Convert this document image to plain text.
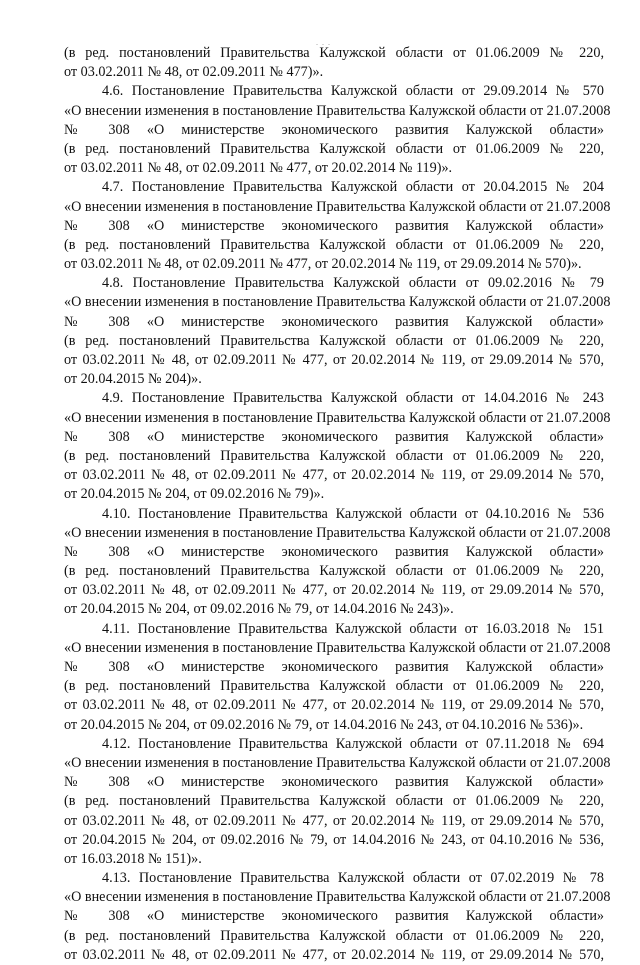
. . .
(в ред. постановлений Правительства Калужской области от 01.06.2009 № 220,
от 03.02.2011 № 48, от 02.09.2011 № 477)».
4.6. Постановление Правительства Калужской области от 29.09.2014 № 570
«О внесении изменения в постановление Правительства Калужской области от 21.07.2008
№ 308 «О министерстве экономического развития Калужской области»
(в ред. постановлений Правительства Калужской области от 01.06.2009 № 220,
от 03.02.2011 № 48, от 02.09.2011 № 477, от 20.02.2014 № 119)».
4.7. Постановление Правительства Калужской области от 20.04.2015 № 204
«О внесении изменения в постановление Правительства Калужской области от 21.07.2008
№ 308 «О министерстве экономического развития Калужской области»
(в ред. постановлений Правительства Калужской области от 01.06.2009 № 220,
от 03.02.2011 № 48, от 02.09.2011 № 477, от 20.02.2014 № 119, от 29.09.2014 № 570)».
4.8. Постановление Правительства Калужской области от 09.02.2016 № 79
«О внесении изменения в постановление Правительства Калужской области от 21.07.2008
№ 308 «О министерстве экономического развития Калужской области»
(в ред. постановлений Правительства Калужской области от 01.06.2009 № 220,
от 03.02.2011 № 48, от 02.09.2011 № 477, от 20.02.2014 № 119, от 29.09.2014 № 570,
от 20.04.2015 № 204)».
4.9. Постановление Правительства Калужской области от 14.04.2016 № 243
«О внесении изменения в постановление Правительства Калужской области от 21.07.2008
№ 308 «О министерстве экономического развития Калужской области»
(в ред. постановлений Правительства Калужской области от 01.06.2009 № 220,
от 03.02.2011 № 48, от 02.09.2011 № 477, от 20.02.2014 № 119, от 29.09.2014 № 570,
от 20.04.2015 № 204, от 09.02.2016 № 79)».
4.10. Постановление Правительства Калужской области от 04.10.2016 № 536
«О внесении изменения в постановление Правительства Калужской области от 21.07.2008
№ 308 «О министерстве экономического развития Калужской области»
(в ред. постановлений Правительства Калужской области от 01.06.2009 № 220,
от 03.02.2011 № 48, от 02.09.2011 № 477, от 20.02.2014 № 119, от 29.09.2014 № 570,
от 20.04.2015 № 204, от 09.02.2016 № 79, от 14.04.2016 № 243)».
4.11. Постановление Правительства Калужской области от 16.03.2018 № 151
«О внесении изменения в постановление Правительства Калужской области от 21.07.2008
№ 308 «О министерстве экономического развития Калужской области»
(в ред. постановлений Правительства Калужской области от 01.06.2009 № 220,
от 03.02.2011 № 48, от 02.09.2011 № 477, от 20.02.2014 № 119, от 29.09.2014 № 570,
от 20.04.2015 № 204, от 09.02.2016 № 79, от 14.04.2016 № 243, от 04.10.2016 № 536)».
4.12. Постановление Правительства Калужской области от 07.11.2018 № 694
«О внесении изменения в постановление Правительства Калужской области от 21.07.2008
№ 308 «О министерстве экономического развития Калужской области»
(в ред. постановлений Правительства Калужской области от 01.06.2009 № 220,
от 03.02.2011 № 48, от 02.09.2011 № 477, от 20.02.2014 № 119, от 29.09.2014 № 570,
от 20.04.2015 № 204, от 09.02.2016 № 79, от 14.04.2016 № 243, от 04.10.2016 № 536,
от 16.03.2018 № 151)».
4.13. Постановление Правительства Калужской области от 07.02.2019 № 78
«О внесении изменения в постановление Правительства Калужской области от 21.07.2008
№ 308 «О министерстве экономического развития Калужской области»
(в ред. постановлений Правительства Калужской области от 01.06.2009 № 220,
от 03.02.2011 № 48, от 02.09.2011 № 477, от 20.02.2014 № 119, от 29.09.2014 № 570,
